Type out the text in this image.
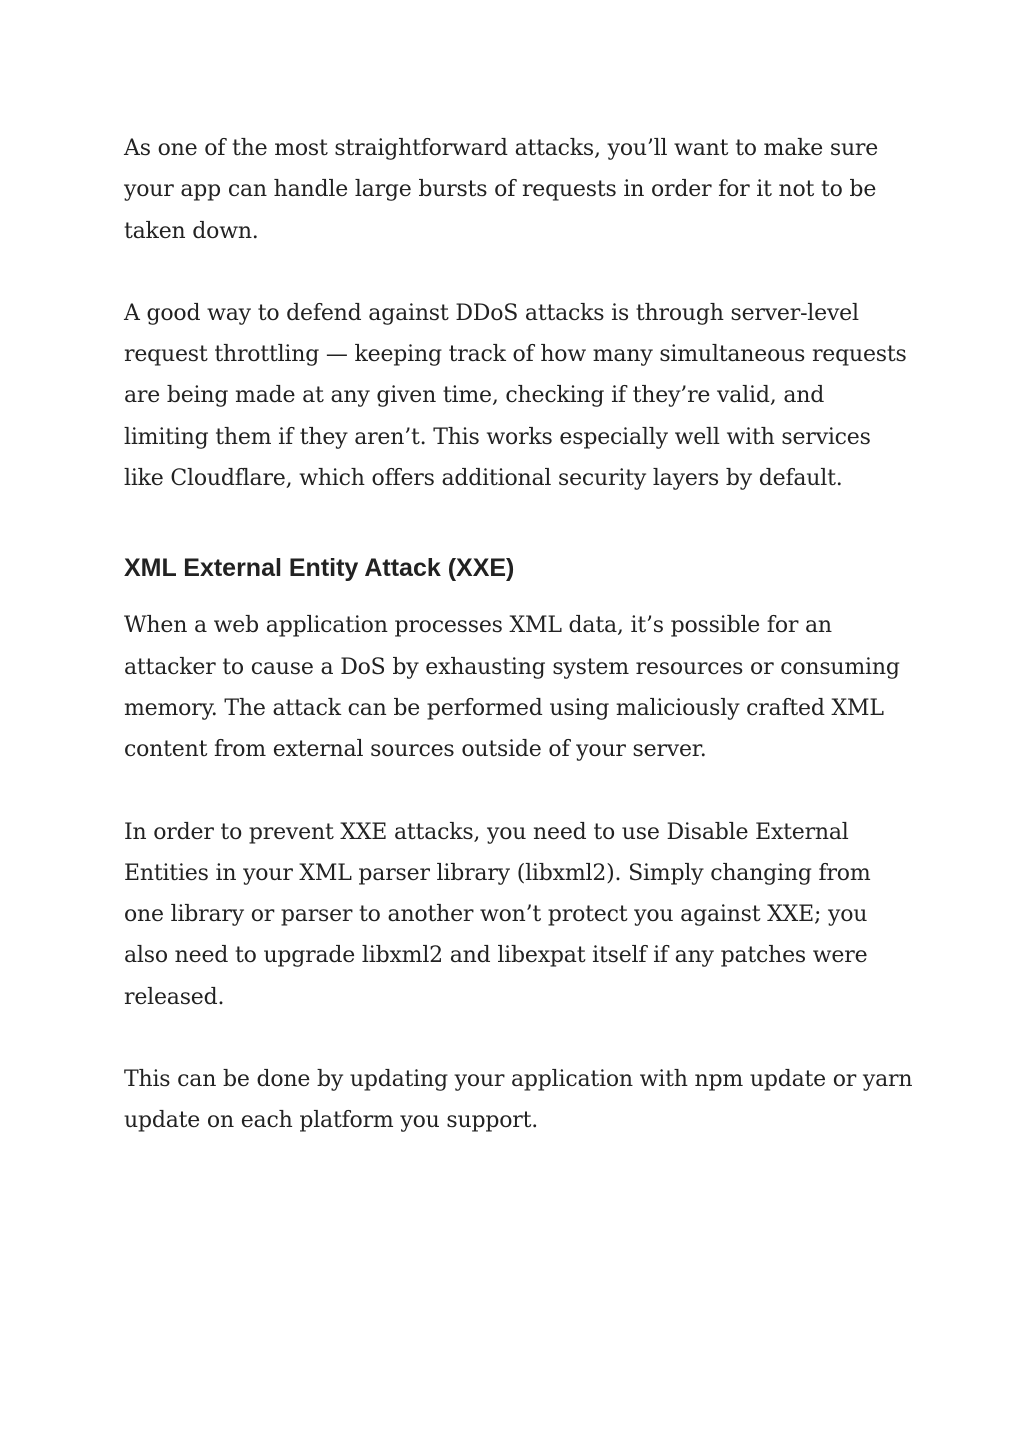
As one of the most straightforward attacks, you’ll want to make sure your app can handle large bursts of requests in order for it not to be taken down.

A good way to defend against DDoS attacks is through server-level request throttling — keeping track of how many simultaneous requests are being made at any given time, checking if they’re valid, and limiting them if they aren’t. This works especially well with services like Cloudflare, which offers additional security layers by default.

XML External Entity Attack (XXE)

When a web application processes XML data, it’s possible for an attacker to cause a DoS by exhausting system resources or consuming memory. The attack can be performed using maliciously crafted XML content from external sources outside of your server.

In order to prevent XXE attacks, you need to use Disable External Entities in your XML parser library (libxml2). Simply changing from one library or parser to another won’t protect you against XXE; you also need to upgrade libxml2 and libexpat itself if any patches were released.

This can be done by updating your application with npm update or yarn update on each platform you support.
